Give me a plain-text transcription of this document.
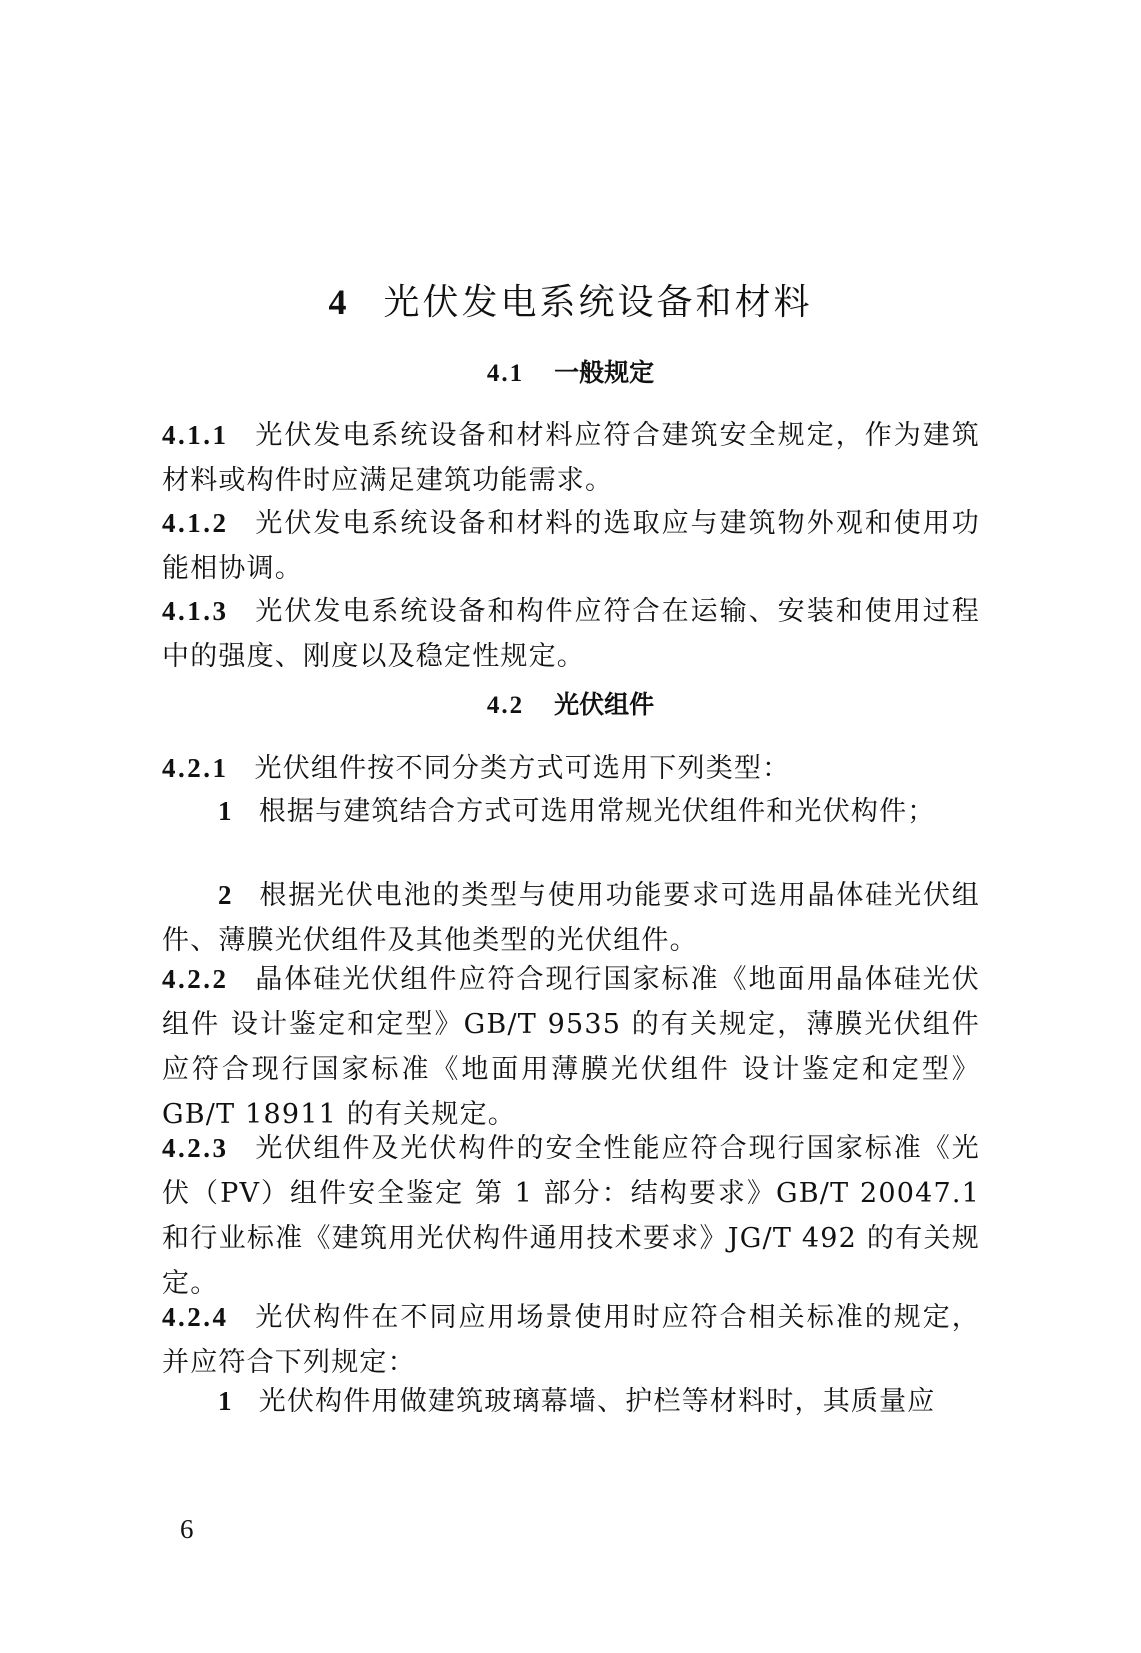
4 光伏发电系统设备和材料
4.1 一般规定
4.1.1 光伏发电系统设备和材料应符合建筑安全规定，作为建筑材料或构件时应满足建筑功能需求。
4.1.2 光伏发电系统设备和材料的选取应与建筑物外观和使用功能相协调。
4.1.3 光伏发电系统设备和构件应符合在运输、安装和使用过程中的强度、刚度以及稳定性规定。
4.2 光伏组件
4.2.1 光伏组件按不同分类方式可选用下列类型：
1 根据与建筑结合方式可选用常规光伏组件和光伏构件；
2 根据光伏电池的类型与使用功能要求可选用晶体硅光伏组件、薄膜光伏组件及其他类型的光伏组件。
4.2.2 晶体硅光伏组件应符合现行国家标准《地面用晶体硅光伏组件 设计鉴定和定型》GB/T 9535 的有关规定，薄膜光伏组件应符合现行国家标准《地面用薄膜光伏组件 设计鉴定和定型》GB/T 18911 的有关规定。
4.2.3 光伏组件及光伏构件的安全性能应符合现行国家标准《光伏（PV）组件安全鉴定 第 1 部分：结构要求》GB/T 20047.1 和行业标准《建筑用光伏构件通用技术要求》JG/T 492 的有关规定。
4.2.4 光伏构件在不同应用场景使用时应符合相关标准的规定，并应符合下列规定：
1 光伏构件用做建筑玻璃幕墙、护栏等材料时，其质量应
6
